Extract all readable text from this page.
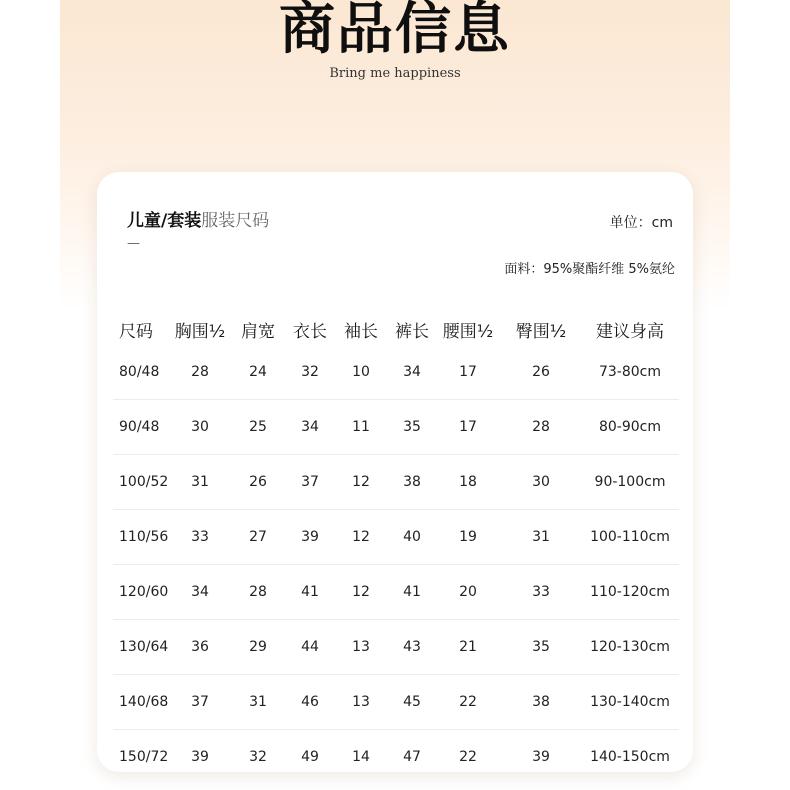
商品信息
Bring me happiness
儿童/套装服装尺码
—
单位：cm
面料：95%聚酯纤维 5%氨纶
尺码	胸围½	肩宽	衣长	袖长	裤长	腰围½	臀围½	建议身高
80/48	28	24	32	10	34	17	26	73-80cm
90/48	30	25	34	11	35	17	28	80-90cm
100/52	31	26	37	12	38	18	30	90-100cm
110/56	33	27	39	12	40	19	31	100-110cm
120/60	34	28	41	12	41	20	33	110-120cm
130/64	36	29	44	13	43	21	35	120-130cm
140/68	37	31	46	13	45	22	38	130-140cm
150/72	39	32	49	14	47	22	39	140-150cm
